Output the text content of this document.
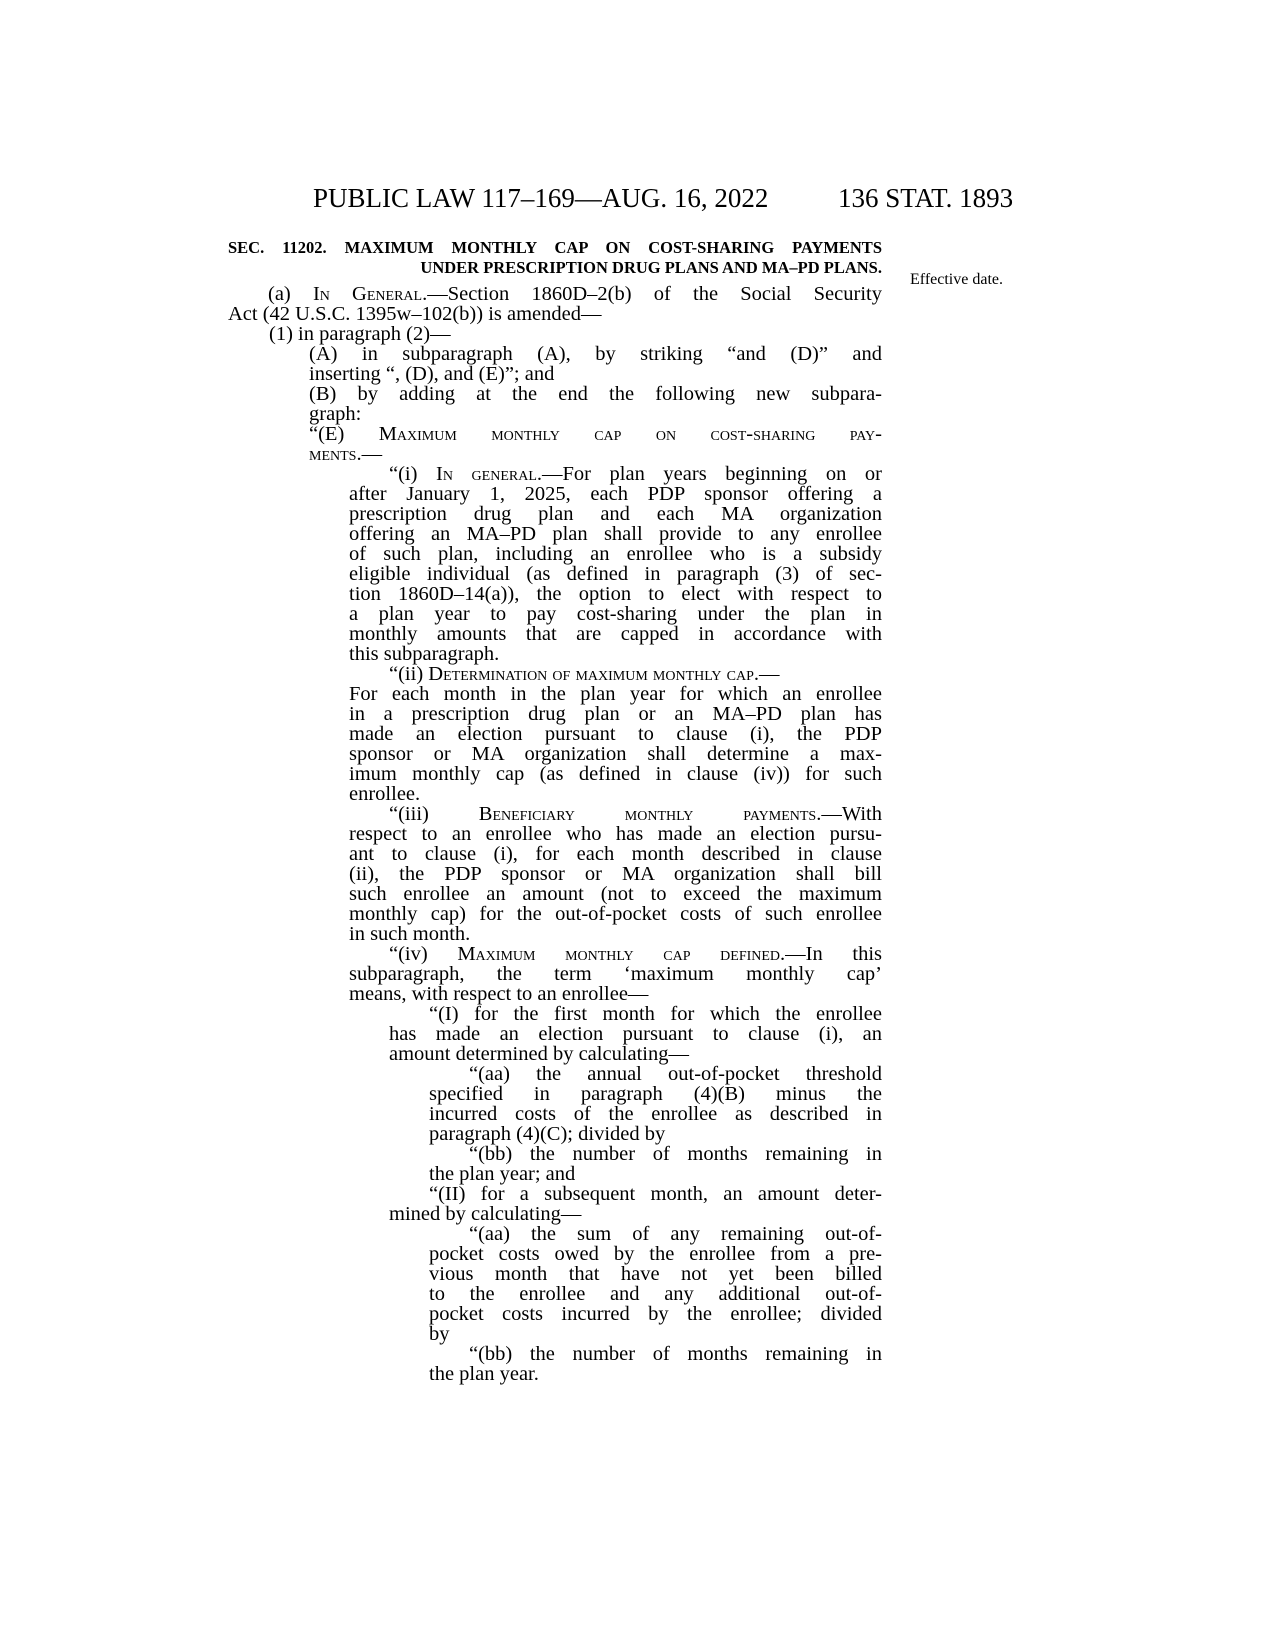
PUBLIC LAW 117–169—AUG. 16, 2022	136 STAT. 1893
SEC. 11202. MAXIMUM MONTHLY CAP ON COST-SHARING PAYMENTS
UNDER PRESCRIPTION DRUG PLANS AND MA–PD PLANS.
Effective date.

(a) In General.—Section 1860D–2(b) of the Social Security

Act (42 U.S.C. 1395w–102(b)) is amended—

(1) in paragraph (2)—

(A) in subparagraph (A), by striking “and (D)” and

inserting “, (D), and (E)”; and

(B) by adding at the end the following new subpara-

graph:

“(E) Maximum monthly cap on cost-sharing pay-

ments.—

“(i) In general.—For plan years beginning on or

after January 1, 2025, each PDP sponsor offering a

prescription drug plan and each MA organization

offering an MA–PD plan shall provide to any enrollee

of such plan, including an enrollee who is a subsidy

eligible individual (as defined in paragraph (3) of sec-

tion 1860D–14(a)), the option to elect with respect to

a plan year to pay cost-sharing under the plan in

monthly amounts that are capped in accordance with

this subparagraph.

“(ii) Determination of maximum monthly cap.—

For each month in the plan year for which an enrollee

in a prescription drug plan or an MA–PD plan has

made an election pursuant to clause (i), the PDP

sponsor or MA organization shall determine a max-

imum monthly cap (as defined in clause (iv)) for such

enrollee.

“(iii) Beneficiary monthly payments.—With

respect to an enrollee who has made an election pursu-

ant to clause (i), for each month described in clause

(ii), the PDP sponsor or MA organization shall bill

such enrollee an amount (not to exceed the maximum

monthly cap) for the out-of-pocket costs of such enrollee

in such month.

“(iv) Maximum monthly cap defined.—In this

subparagraph, the term ‘maximum monthly cap’

means, with respect to an enrollee—

“(I) for the first month for which the enrollee

has made an election pursuant to clause (i), an

amount determined by calculating—

“(aa) the annual out-of-pocket threshold

specified in paragraph (4)(B) minus the

incurred costs of the enrollee as described in

paragraph (4)(C); divided by

“(bb) the number of months remaining in

the plan year; and

“(II) for a subsequent month, an amount deter-

mined by calculating—

“(aa) the sum of any remaining out-of-

pocket costs owed by the enrollee from a pre-

vious month that have not yet been billed

to the enrollee and any additional out-of-

pocket costs incurred by the enrollee; divided

by

“(bb) the number of months remaining in

the plan year.
